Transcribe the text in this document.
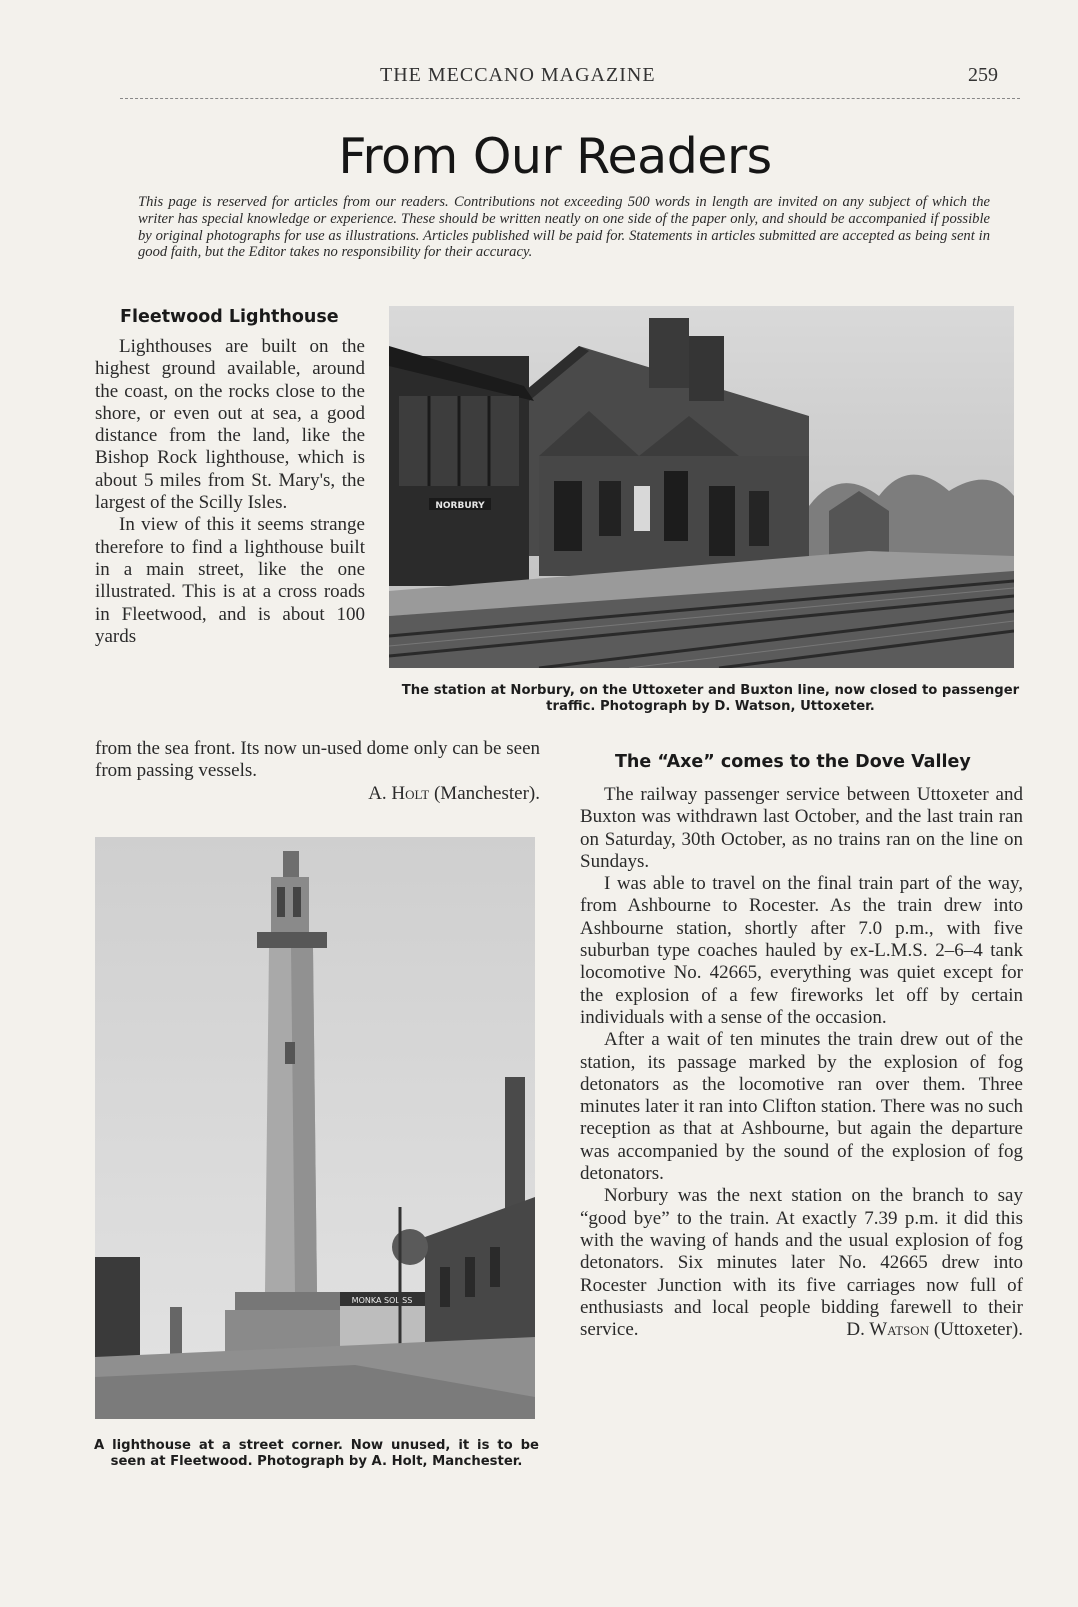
THE MECCANO MAGAZINE	259
From Our Readers
This page is reserved for articles from our readers. Contributions not exceeding 500 words in length are invited on any subject of which the writer has special knowledge or experience. These should be written neatly on one side of the paper only, and should be accompanied if possible by original photographs for use as illustrations. Articles published will be paid for. Statements in articles submitted are accepted as being sent in good faith, but the Editor takes no responsibility for their accuracy.
Fleetwood Lighthouse

Lighthouses are built on the highest ground available, around the coast, on the rocks close to the shore, or even out at sea, a good distance from the land, like the Bishop Rock lighthouse, which is about 5 miles from St. Mary's, the largest of the Scilly Isles.

In view of this it seems strange therefore to find a lighthouse built in a main street, like the one illustrated. This is at a cross roads in Fleetwood, and is about 100 yards

from the sea front. Its now un-used dome only can be seen from passing vessels.

A. Holt (Manchester).

NORBURY
The station at Norbury, on the Uttoxeter and Buxton line, now closed to passenger traffic. Photograph by D. Watson, Uttoxeter.
MONKA SOLISS
A lighthouse at a street corner. Now unused, it is to be seen at Fleetwood. Photograph by A. Holt, Manchester.
The “Axe” comes to the Dove Valley

The railway passenger service between Uttoxeter and Buxton was withdrawn last October, and the last train ran on Saturday, 30th October, as no trains ran on the line on Sundays.

I was able to travel on the final train part of the way, from Ashbourne to Rocester. As the train drew into Ashbourne station, shortly after 7.0 p.m., with five suburban type coaches hauled by ex-L.M.S. 2–6–4 tank locomotive No. 42665, everything was quiet except for the explosion of a few fireworks let off by certain individuals with a sense of the occasion.

After a wait of ten minutes the train drew out of the station, its passage marked by the explosion of fog detonators as the locomotive ran over them. Three minutes later it ran into Clifton station. There was no such reception as that at Ashbourne, but again the departure was accompanied by the sound of the explosion of fog detonators.

Norbury was the next station on the branch to say “good bye” to the train. At exactly 7.39 p.m. it did this with the waving of hands and the usual explosion of fog detonators. Six minutes later No. 42665 drew into Rocester Junction with its five carriages now full of enthusiasts and local people bidding farewell to their service.	D. Watson (Uttoxeter).
